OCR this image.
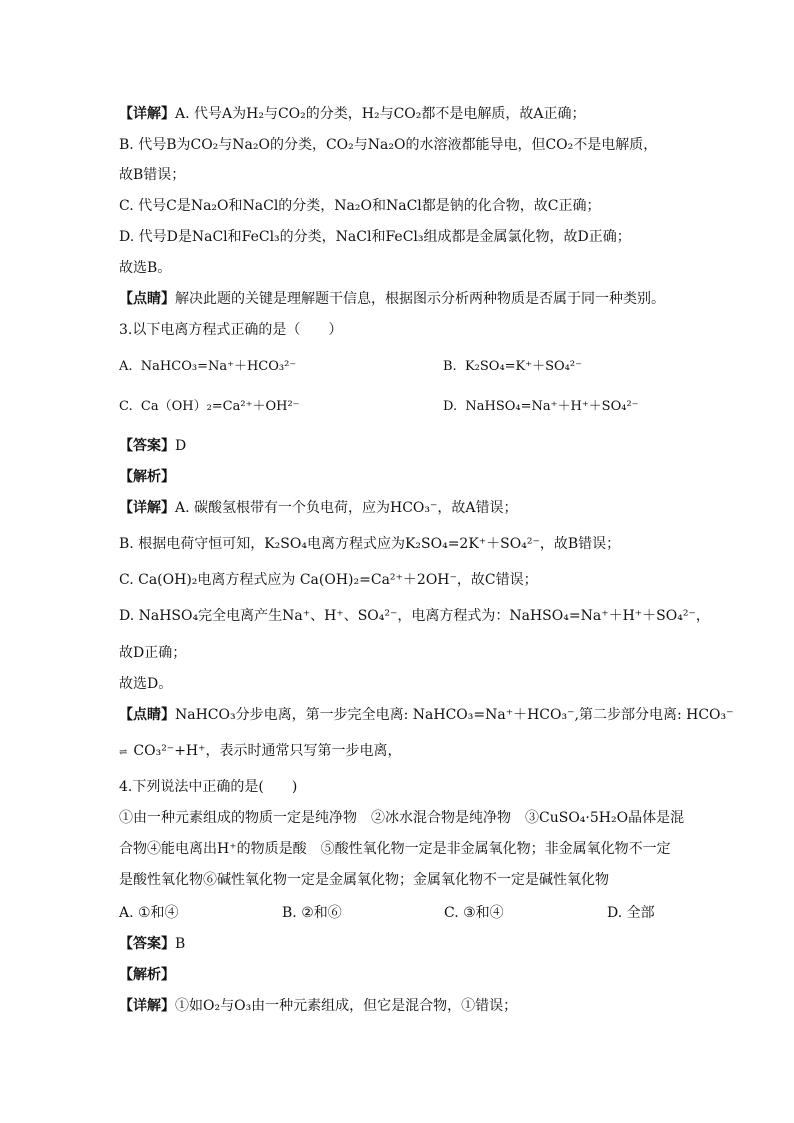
【详解】A. 代号A为H₂与CO₂的分类，H₂与CO₂都不是电解质，故A正确；
B. 代号B为CO₂与Na₂O的分类，CO₂与Na₂O的水溶液都能导电，但CO₂不是电解质，
故B错误；
C. 代号C是Na₂O和NaCl的分类，Na₂O和NaCl都是钠的化合物，故C正确；
D. 代号D是NaCl和FeCl₃的分类，NaCl和FeCl₃组成都是金属氯化物，故D正确；
故选B。
【点睛】解决此题的关键是理解题干信息，根据图示分析两种物质是否属于同一种类别。
3.以下电离方程式正确的是（　　）
A. NaHCO₃=Na⁺＋HCO₃²⁻	B. K₂SO₄=K⁺＋SO₄²⁻
C. Ca（OH）₂=Ca²⁺＋OH²⁻	D. NaHSO₄=Na⁺＋H⁺＋SO₄²⁻
【答案】D
【解析】
【详解】A. 碳酸氢根带有一个负电荷，应为HCO₃⁻，故A错误；
B. 根据电荷守恒可知，K₂SO₄电离方程式应为K₂SO₄=2K⁺＋SO₄²⁻，故B错误；
C. Ca(OH)₂电离方程式应为 Ca(OH)₂=Ca²⁺＋2OH⁻，故C错误；
D. NaHSO₄完全电离产生Na⁺、H⁺、SO₄²⁻，电离方程式为：NaHSO₄=Na⁺＋H⁺＋SO₄²⁻，
故D正确；
故选D。
【点睛】NaHCO₃分步电离，第一步完全电离: NaHCO₃=Na⁺＋HCO₃⁻,第二步部分电离: HCO₃⁻
⇌ CO₃²⁻+H⁺，表示时通常只写第一步电离，
4.下列说法中正确的是(　　)
①由一种元素组成的物质一定是纯净物　②冰水混合物是纯净物　③CuSO₄·5H₂O晶体是混
合物④能电离出H⁺的物质是酸　⑤酸性氧化物一定是非金属氧化物；非金属氧化物不一定
是酸性氧化物⑥碱性氧化物一定是金属氧化物；金属氧化物不一定是碱性氧化物
A. ①和④	B. ②和⑥	C. ③和④	D. 全部
【答案】B
【解析】
【详解】①如O₂与O₃由一种元素组成，但它是混合物，①错误；
